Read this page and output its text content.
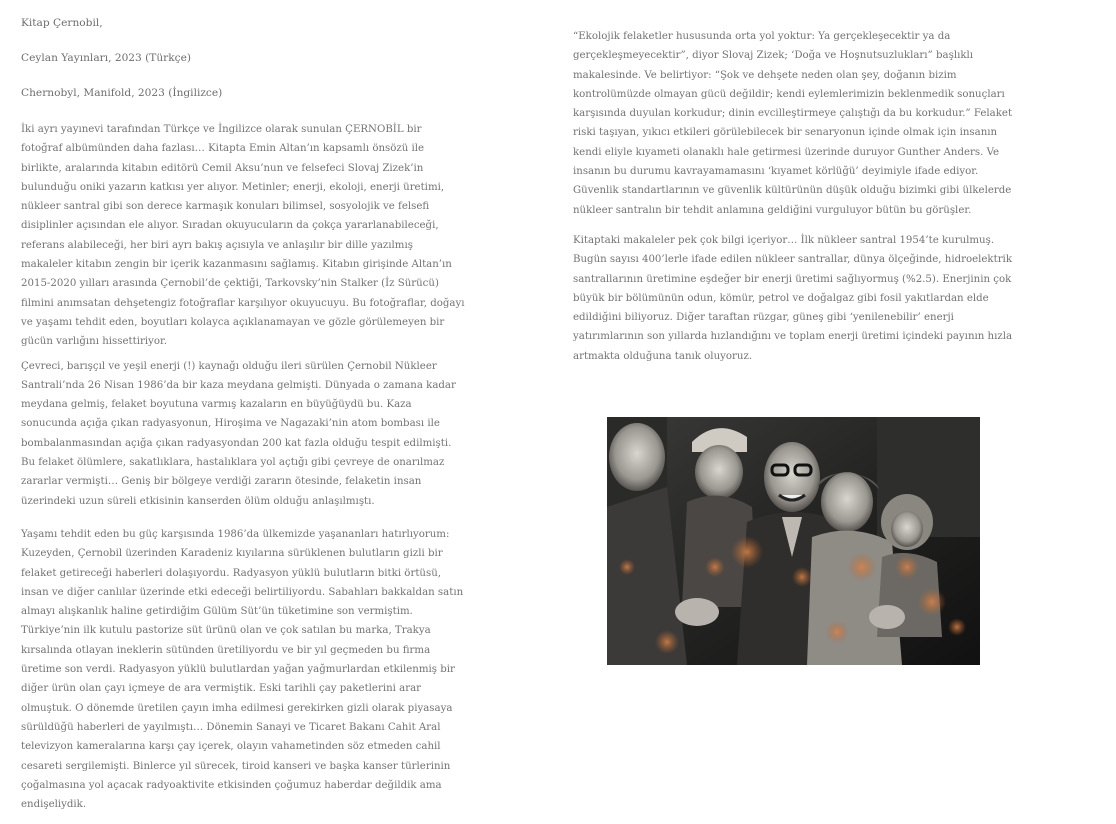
Kitap Çernobil,

Ceylan Yayınları, 2023 (Türkçe)

Chernobyl, Manifold, 2023 (İngilizce)

İki ayrı yayınevi tarafından Türkçe ve İngilizce olarak sunulan ÇERNOBİL bir fotoğraf albümünden daha fazlası… Kitapta Emin Altan’ın kapsamlı önsözü ile birlikte, aralarında kitabın editörü Cemil Aksu’nun ve felsefeci Slovaj Zizek’in bulunduğu oniki yazarın katkısı yer alıyor. Metinler; enerji, ekoloji, enerji üretimi, nükleer santral gibi son derece karmaşık konuları bilimsel, sosyolojik ve felsefi disiplinler açısından ele alıyor. Sıradan okuyucuların da çokça yararlanabileceği, referans alabileceği, her biri ayrı bakış açısıyla ve anlaşılır bir dille yazılmış makaleler kitabın zengin bir içerik kazanmasını sağlamış. Kitabın girişinde Altan’ın 2015-2020 yılları arasında Çernobil’de çektiği, Tarkovsky’nin Stalker (İz Sürücü) filmini anımsatan dehşetengiz fotoğraflar karşılıyor okuyucuyu. Bu fotoğraflar, doğayı ve yaşamı tehdit eden, boyutları kolayca açıklanamayan ve gözle görülemeyen bir gücün varlığını hissettiriyor.

Çevreci, barışçıl ve yeşil enerji (!) kaynağı olduğu ileri sürülen Çernobil Nükleer Santrali’nda 26 Nisan 1986’da bir kaza meydana gelmişti. Dünyada o zamana kadar meydana gelmiş, felaket boyutuna varmış kazaların en büyüğüydü bu. Kaza sonucunda açığa çıkan radyasyonun, Hiroşima ve Nagazaki’nin atom bombası ile bombalanmasından açığa çıkan radyasyondan 200 kat fazla olduğu tespit edilmişti. Bu felaket ölümlere, sakatlıklara, hastalıklara yol açtığı gibi çevreye de onarılmaz zararlar vermişti… Geniş bir bölgeye verdiği zararın ötesinde, felaketin insan üzerindeki uzun süreli etkisinin kanserden ölüm olduğu anlaşılmıştı.

Yaşamı tehdit eden bu güç karşısında 1986’da ülkemizde yaşananları hatırlıyorum: Kuzeyden, Çernobil üzerinden Karadeniz kıyılarına sürüklenen bulutların gizli bir felaket getireceği haberleri dolaşıyordu. Radyasyon yüklü bulutların bitki örtüsü, insan ve diğer canlılar üzerinde etki edeceği belirtiliyordu. Sabahları bakkaldan satın almayı alışkanlık haline getirdiğim Gülüm Süt’ün tüketimine son vermiştim. Türkiye’nin ilk kutulu pastorize süt ürünü olan ve çok satılan bu marka, Trakya kırsalında otlayan ineklerin sütünden üretiliyordu ve bir yıl geçmeden bu firma üretime son verdi. Radyasyon yüklü bulutlardan yağan yağmurlardan etkilenmiş bir diğer ürün olan çayı içmeye de ara vermiştik. Eski tarihli çay paketlerini arar olmuştuk. O dönemde üretilen çayın imha edilmesi gerekirken gizli olarak piyasaya sürüldüğü haberleri de yayılmıştı… Dönemin Sanayi ve Ticaret Bakanı Cahit Aral televizyon kameralarına karşı çay içerek, olayın vahametinden söz etmeden cahil cesareti sergilemişti. Binlerce yıl sürecek, tiroid kanseri ve başka kanser türlerinin çoğalmasına yol açacak radyoaktivite etkisinden çoğumuz haberdar değildik ama endişeliydik.

“Ekolojik felaketler hususunda orta yol yoktur: Ya gerçekleşecektir ya da gerçekleşmeyecektir”, diyor Slovaj Zizek; ‘Doğa ve Hoşnutsuzlukları” başlıklı makalesinde. Ve belirtiyor: “Şok ve dehşete neden olan şey, doğanın bizim kontrolümüzde olmayan gücü değildir; kendi eylemlerimizin beklenmedik sonuçları karşısında duyulan korkudur; dinin evcilleştirmeye çalıştığı da bu korkudur.” Felaket riski taşıyan, yıkıcı etkileri görülebilecek bir senaryonun içinde olmak için insanın kendi eliyle kıyameti olanaklı hale getirmesi üzerinde duruyor Gunther Anders. Ve insanın bu durumu kavrayamamasını ‘kıyamet körlüğü’ deyimiyle ifade ediyor. Güvenlik standartlarının ve güvenlik kültürünün düşük olduğu bizimki gibi ülkelerde nükleer santralın bir tehdit anlamına geldiğini vurguluyor bütün bu görüşler.

Kitaptaki makaleler pek çok bilgi içeriyor… İlk nükleer santral 1954’te kurulmuş. Bugün sayısı 400’lerle ifade edilen nükleer santrallar, dünya ölçeğinde, hidroelektrik santrallarının üretimine eşdeğer bir enerji üretimi sağlıyormuş (%2.5). Enerjinin çok büyük bir bölümünün odun, kömür, petrol ve doğalgaz gibi fosil yakıtlardan elde edildiğini biliyoruz. Diğer taraftan rüzgar, güneş gibi ‘yenilenebilir’ enerji yatırımlarının son yıllarda hızlandığını ve toplam enerji üretimi içindeki payının hızla artmakta olduğuna tanık oluyoruz.
